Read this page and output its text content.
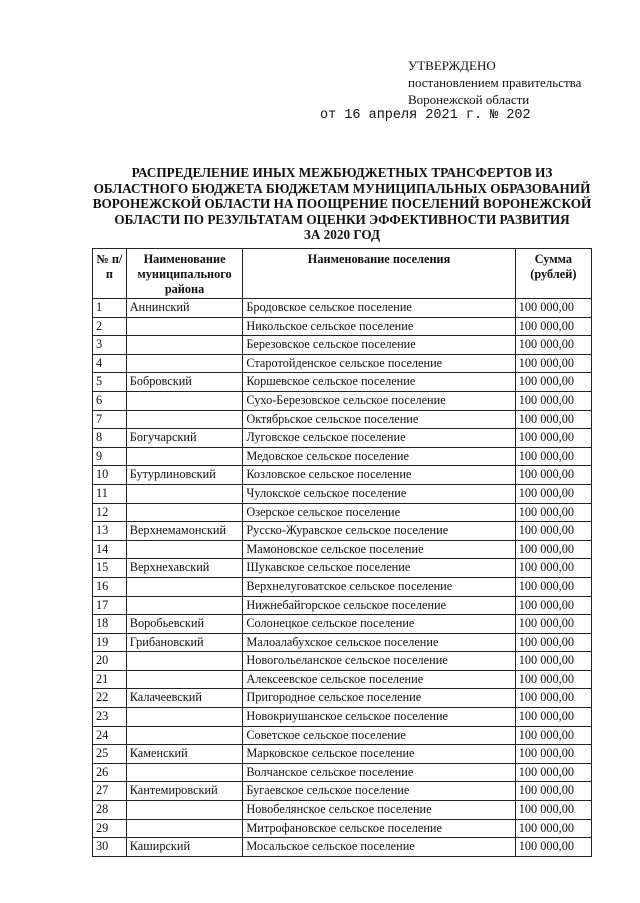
УТВЕРЖДЕНО
постановлением правительства
Воронежской области
от 16 апреля 2021 г. № 202
РАСПРЕДЕЛЕНИЕ ИНЫХ МЕЖБЮДЖЕТНЫХ ТРАНСФЕРТОВ ИЗ
ОБЛАСТНОГО БЮДЖЕТА БЮДЖЕТАМ МУНИЦИПАЛЬНЫХ ОБРАЗОВАНИЙ
ВОРОНЕЖСКОЙ ОБЛАСТИ НА ПООЩРЕНИЕ ПОСЕЛЕНИЙ ВОРОНЕЖСКОЙ
ОБЛАСТИ ПО РЕЗУЛЬТАТАМ ОЦЕНКИ ЭФФЕКТИВНОСТИ РАЗВИТИЯ
ЗА 2020 ГОД
№ п/п	Наименование муниципального района	Наименование поселения	Сумма (рублей)
1	Аннинский	Бродовское сельское поселение	100 000,00
2		Никольское сельское поселение	100 000,00
3		Березовское сельское поселение	100 000,00
4		Старотойденское сельское поселение	100 000,00
5	Бобровский	Коршевское сельское поселение	100 000,00
6		Сухо-Березовское сельское поселение	100 000,00
7		Октябрьское сельское поселение	100 000,00
8	Богучарский	Луговское сельское поселение	100 000,00
9		Медовское сельское поселение	100 000,00
10	Бутурлиновский	Козловское сельское поселение	100 000,00
11		Чулокское сельское поселение	100 000,00
12		Озерское сельское поселение	100 000,00
13	Верхнемамонский	Русско-Журавское сельское поселение	100 000,00
14		Мамоновское сельское поселение	100 000,00
15	Верхнехавский	Шукавское сельское поселение	100 000,00
16		Верхнелуговатское сельское поселение	100 000,00
17		Нижнебайгорское сельское поселение	100 000,00
18	Воробьевский	Солонецкое сельское поселение	100 000,00
19	Грибановский	Малоалабухское сельское поселение	100 000,00
20		Новогольеланское сельское поселение	100 000,00
21		Алексеевское сельское поселение	100 000,00
22	Калачеевский	Пригородное сельское поселение	100 000,00
23		Новокриушанское сельское поселение	100 000,00
24		Советское сельское поселение	100 000,00
25	Каменский	Марковское сельское поселение	100 000,00
26		Волчанское сельское поселение	100 000,00
27	Кантемировский	Бугаевское сельское поселение	100 000,00
28		Новобелянское сельское поселение	100 000,00
29		Митрофановское сельское поселение	100 000,00
30	Каширский	Мосальское сельское поселение	100 000,00
